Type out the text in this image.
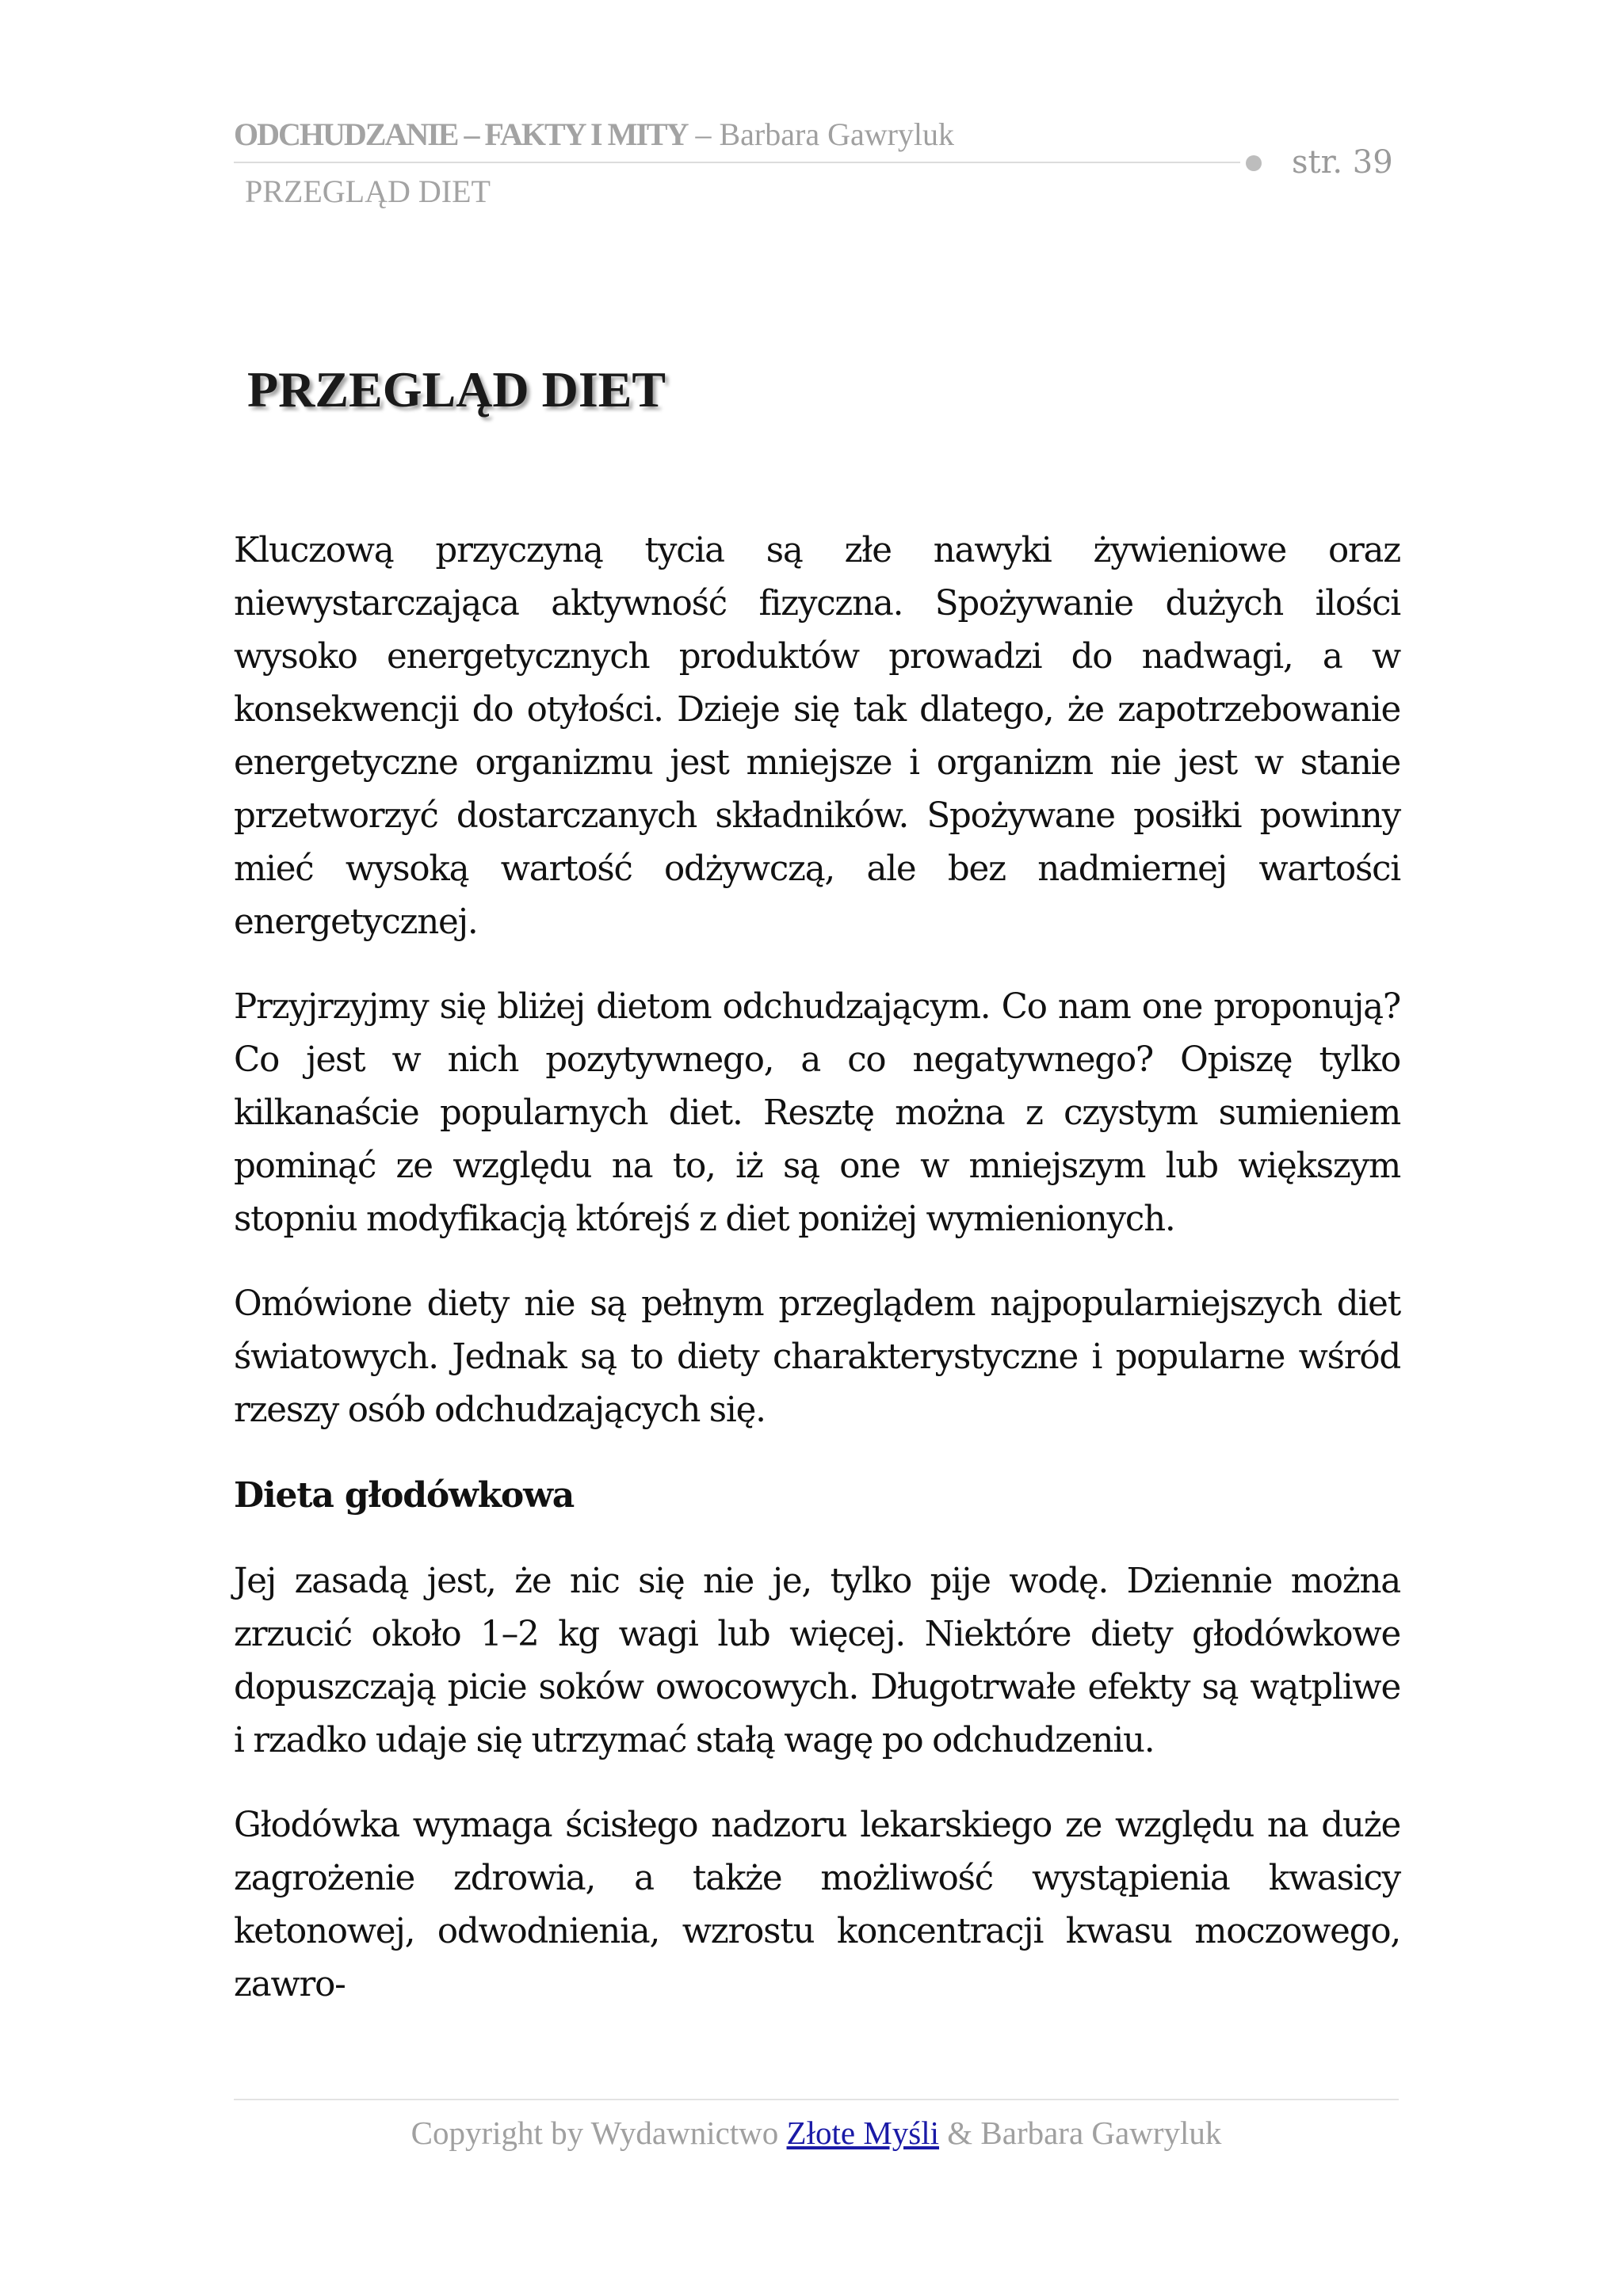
ODCHUDZANIE – FAKTY I MITY – Barbara Gawryluk
str. 39
PRZEGLĄD DIET
PRZEGLĄD DIET

Kluczową przyczyną tycia są złe nawyki żywieniowe oraz niewystarczająca aktywność fizyczna. Spożywanie dużych ilości wysoko energetycznych produktów prowadzi do nadwagi, a w konsekwencji do otyłości. Dzieje się tak dlatego, że zapotrzebowanie energetyczne organizmu jest mniejsze i organizm nie jest w stanie przetworzyć dostarczanych składników. Spożywane posiłki powinny mieć wysoką wartość odżywczą, ale bez nadmiernej wartości energetycznej.

Przyjrzyjmy się bliżej dietom odchudzającym. Co nam one proponują? Co jest w nich pozytywnego, a co negatywnego? Opiszę tylko kilkanaście popularnych diet. Resztę można z czystym sumieniem pominąć ze względu na to, iż są one w mniejszym lub większym stopniu modyfikacją którejś z diet poniżej wymienionych.

Omówione diety nie są pełnym przeglądem najpopularniejszych diet światowych. Jednak są to diety charakterystyczne i popularne wśród rzeszy osób odchudzających się.

Dieta głodówkowa

Jej zasadą jest, że nic się nie je, tylko pije wodę. Dziennie można zrzucić około 1–2 kg wagi lub więcej. Niektóre diety głodówkowe dopuszczają picie soków owocowych. Długotrwałe efekty są wątpliwe i rzadko udaje się utrzymać stałą wagę po odchudzeniu.

Głodówka wymaga ścisłego nadzoru lekarskiego ze względu na duże zagrożenie zdrowia, a także możliwość wystąpienia kwasicy ketonowej, odwodnienia, wzrostu koncentracji kwasu moczowego, zawro-

Copyright by Wydawnictwo Złote Myśli & Barbara Gawryluk
